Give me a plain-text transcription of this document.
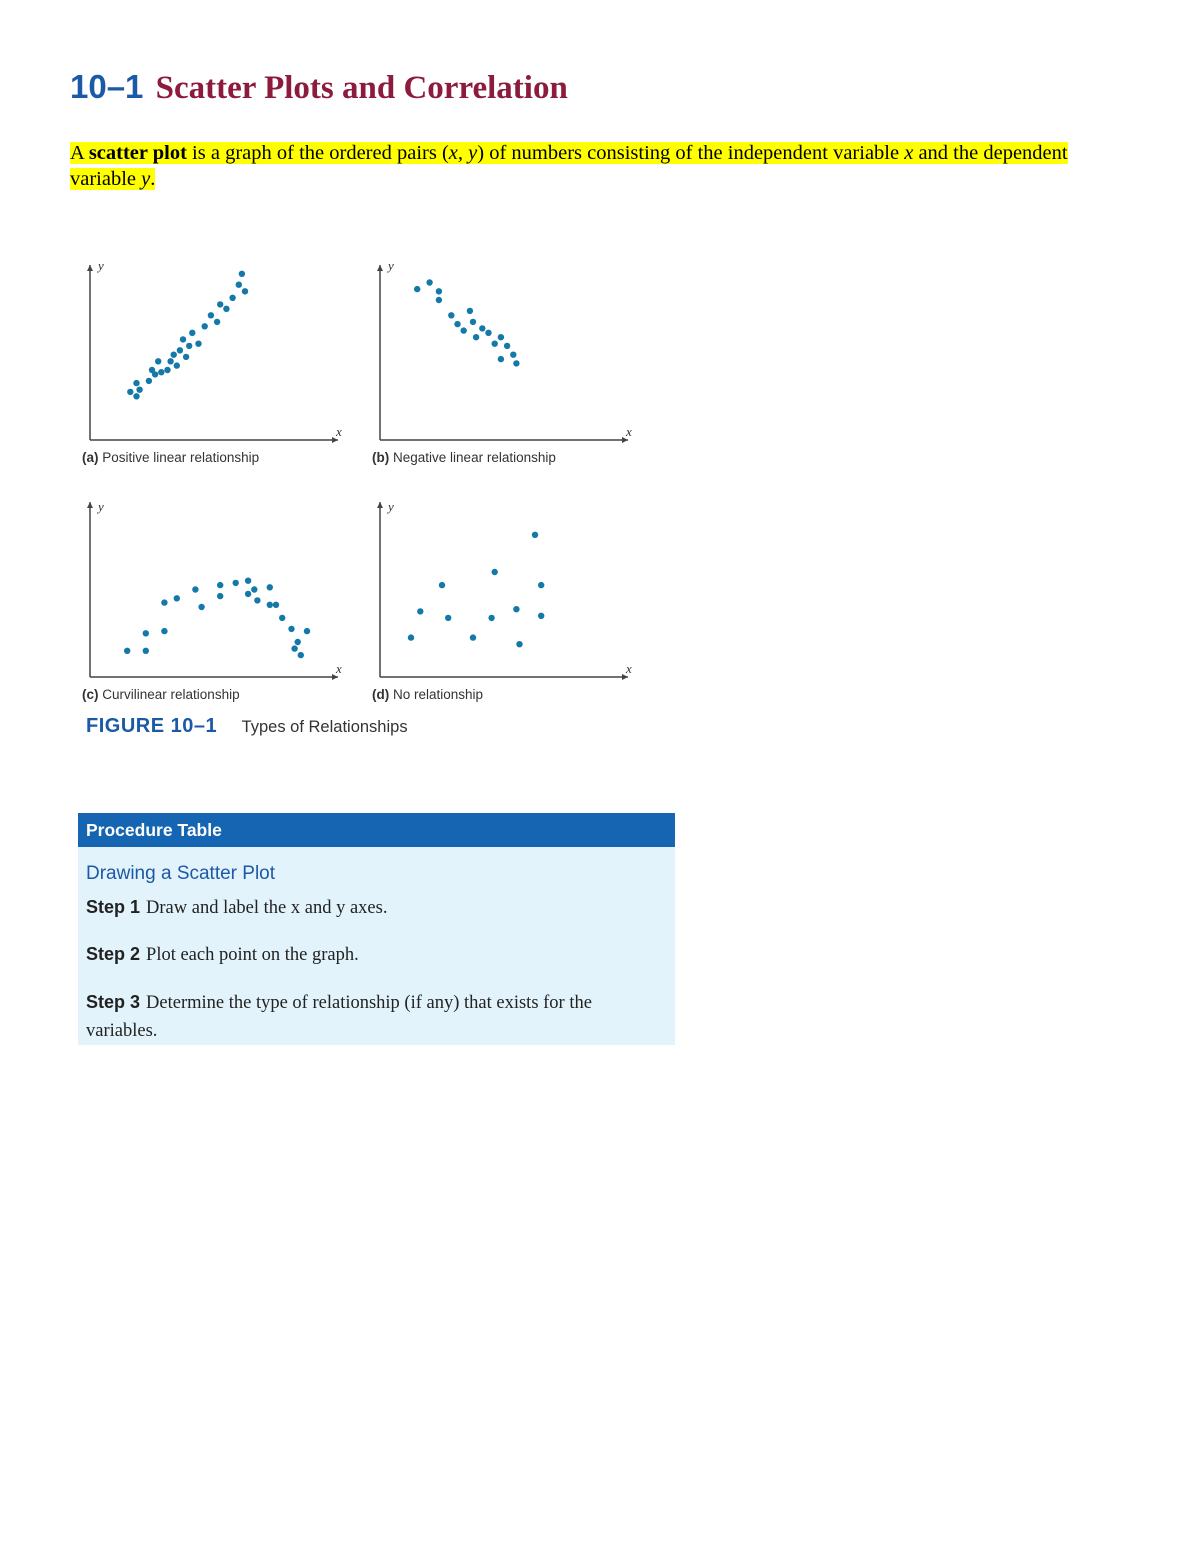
10–1 Scatter Plots and Correlation
A scatter plot is a graph of the ordered pairs (x, y) of numbers consisting of the independent variable x and the dependent variable y.
y
x
(a) Positive linear relationship
y
x
(b) Negative linear relationship
y
x
(c) Curvilinear relationship
y
x
(d) No relationship
FIGURE 10–1 Types of Relationships
Procedure Table
Drawing a Scatter Plot
Step 1 Draw and label the x and y axes.
Step 2 Plot each point on the graph.
Step 3 Determine the type of relationship (if any) that exists for the variables.
